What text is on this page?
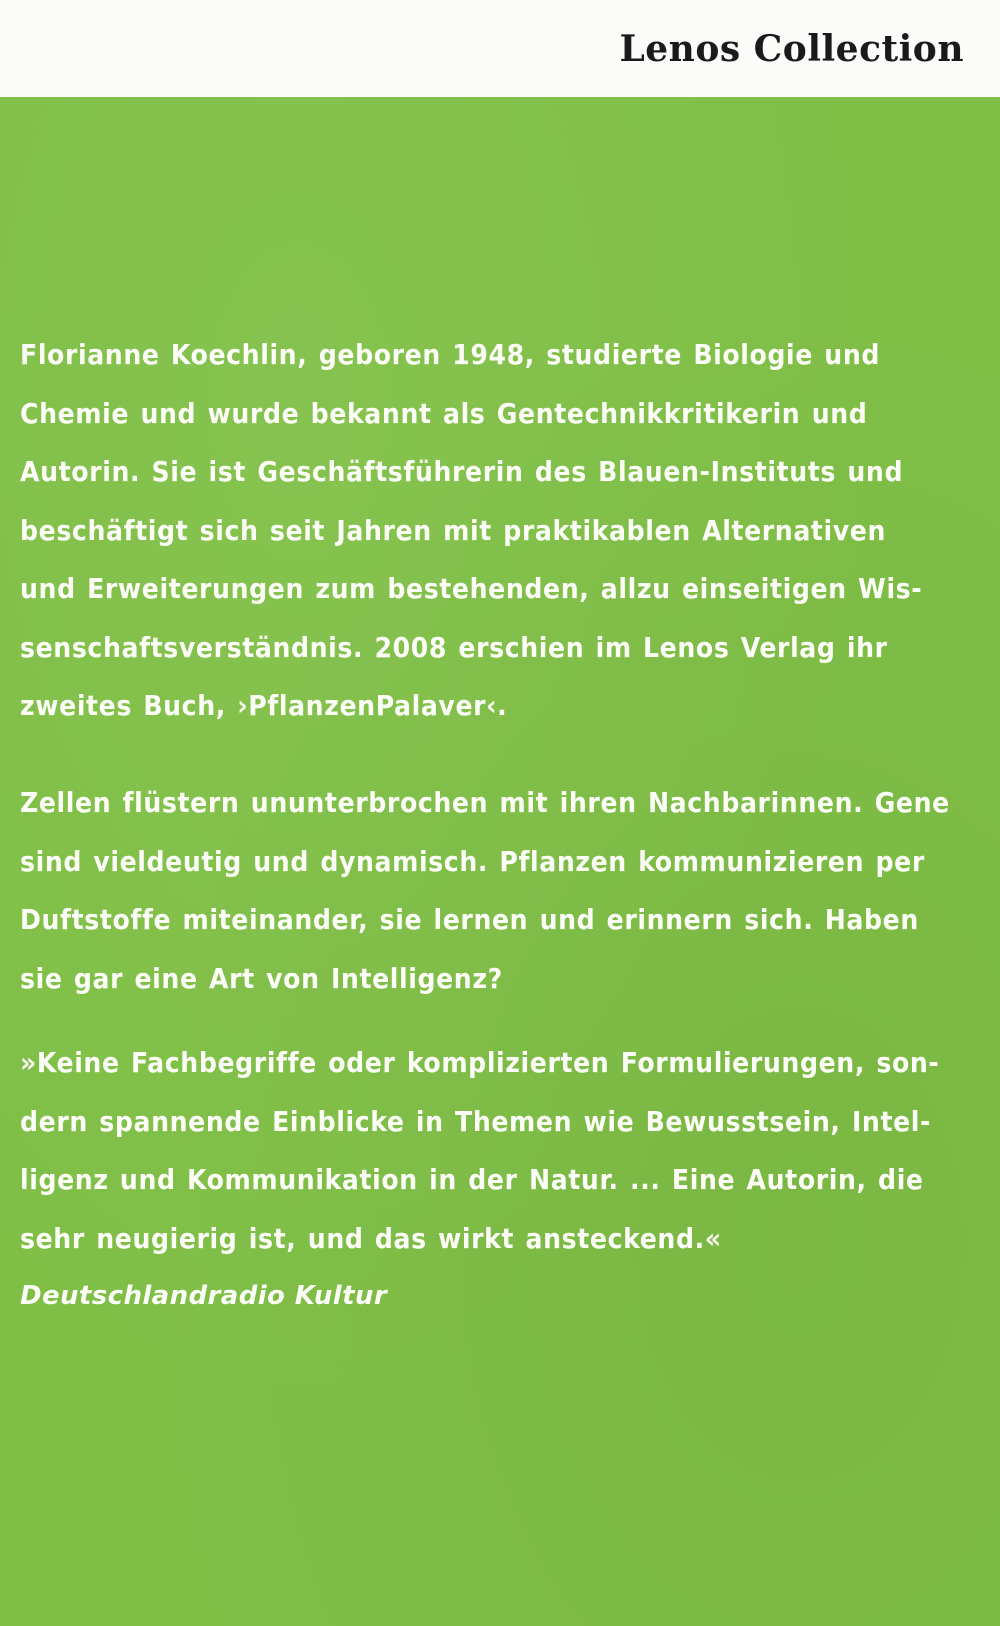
Lenos Collection
Florianne Koechlin, geboren 1948, studierte Biologie und
Chemie und wurde bekannt als Gentechnikkritikerin und
Autorin. Sie ist Geschäftsführerin des Blauen-Instituts und
beschäftigt sich seit Jahren mit praktikablen Alternativen
und Erweiterungen zum bestehenden, allzu einseitigen Wis-
senschaftsverständnis. 2008 erschien im Lenos Verlag ihr
zweites Buch, ›PflanzenPalaver‹.
Zellen flüstern ununterbrochen mit ihren Nachbarinnen. Gene
sind vieldeutig und dynamisch. Pflanzen kommunizieren per
Duftstoffe miteinander, sie lernen und erinnern sich. Haben
sie gar eine Art von Intelligenz?
»Keine Fachbegriffe oder komplizierten Formulierungen, son-
dern spannende Einblicke in Themen wie Bewusstsein, Intel-
ligenz und Kommunikation in der Natur. ... Eine Autorin, die
sehr neugierig ist, und das wirkt ansteckend.«
Deutschlandradio Kultur
